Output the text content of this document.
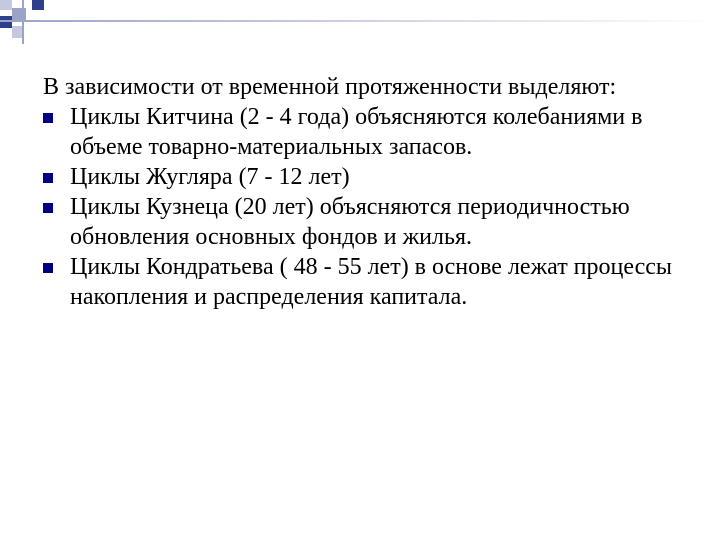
В зависимости от временной протяженности выделяют:

Циклы Китчина (2 - 4 года) объясняются колебаниями в объеме товарно-материальных запасов.
Циклы Жугляра (7 - 12 лет)
Циклы Кузнеца (20 лет) объясняются периодичностью обновления основных фондов и жилья.
Циклы Кондратьева ( 48 - 55 лет) в основе лежат процессы накопления и распределения капитала.
